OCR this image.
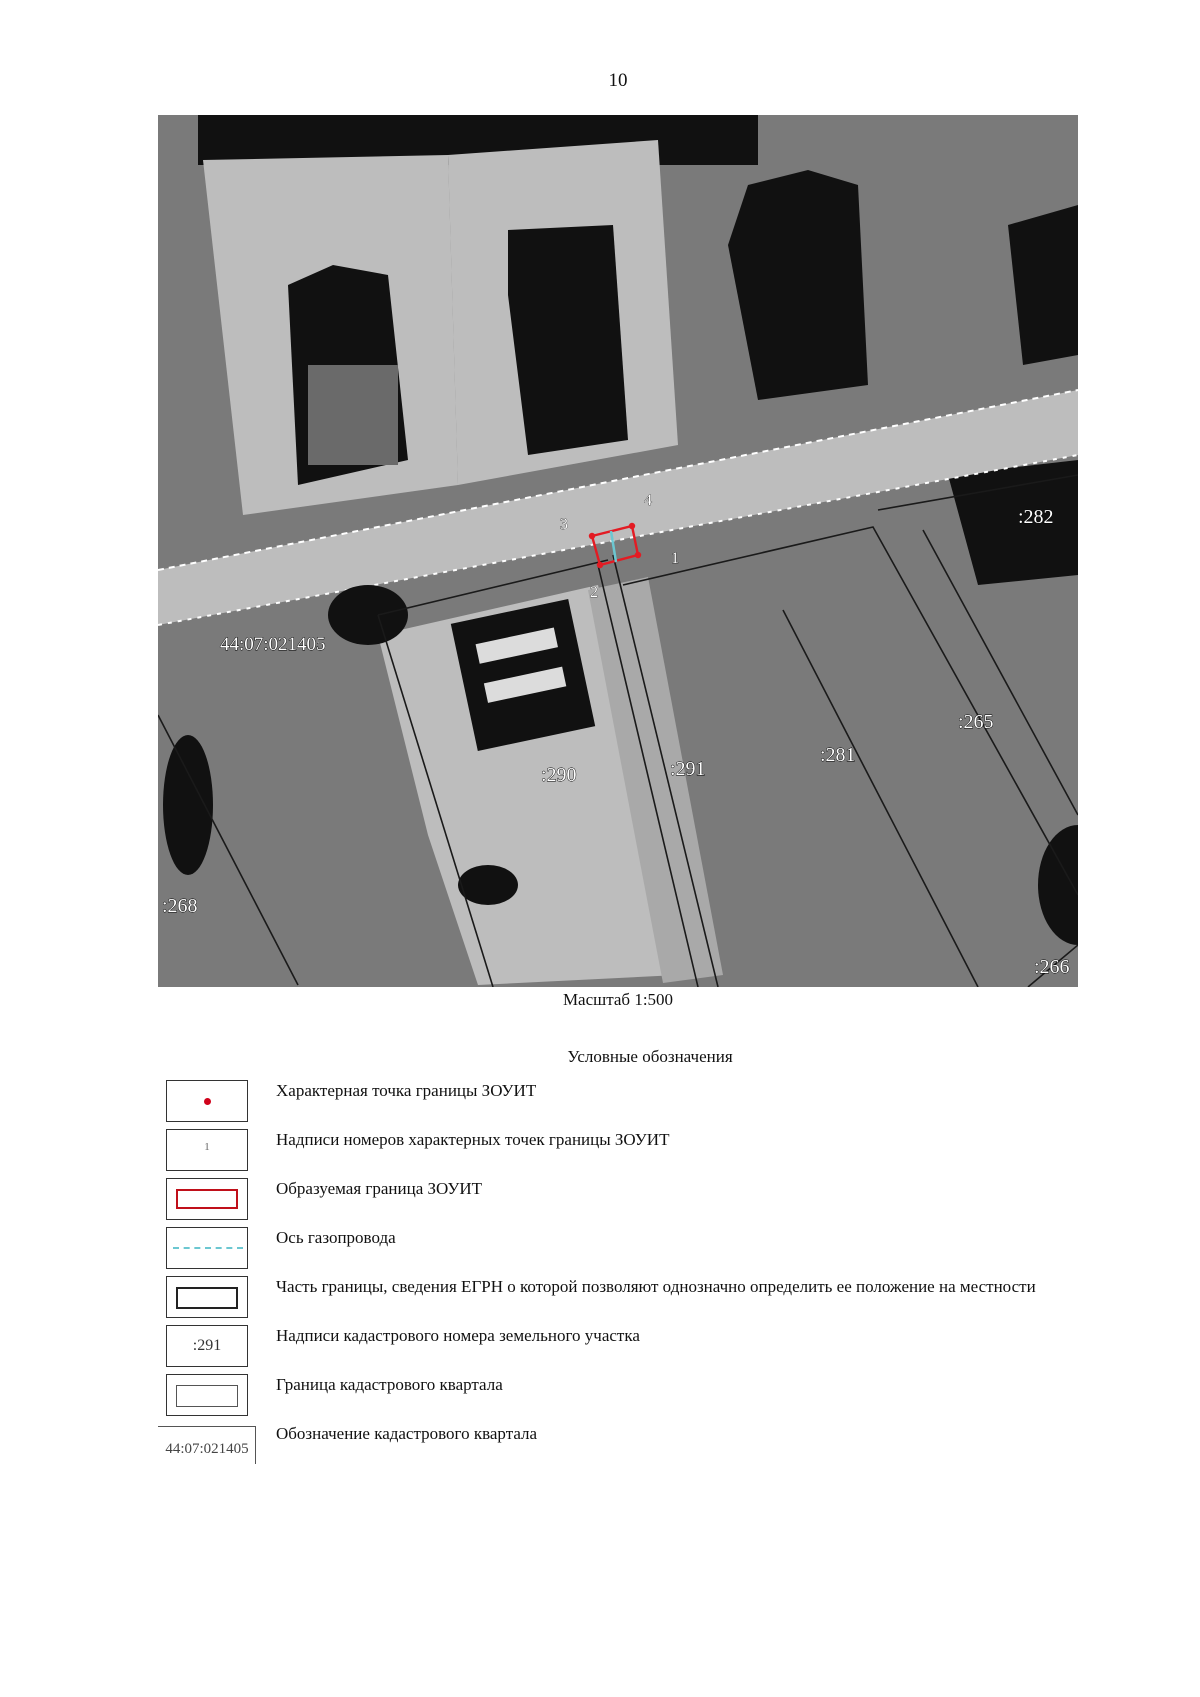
10
1
2
3
4
44:07:021405
:282
:265
:281
:291
:290
:268
:266
Масштаб 1:500
Условные обозначения
Характерная точка границы ЗОУИТ
1	Надписи номеров характерных точек границы ЗОУИТ
Образуемая граница ЗОУИТ
Ось газопровода
Часть границы, сведения ЕГРН о которой позволяют однозначно определить ее положение на местности
:291
Надписи кадастрового номера земельного участка
Граница кадастрового квартала
44:07:021405
Обозначение кадастрового квартала
